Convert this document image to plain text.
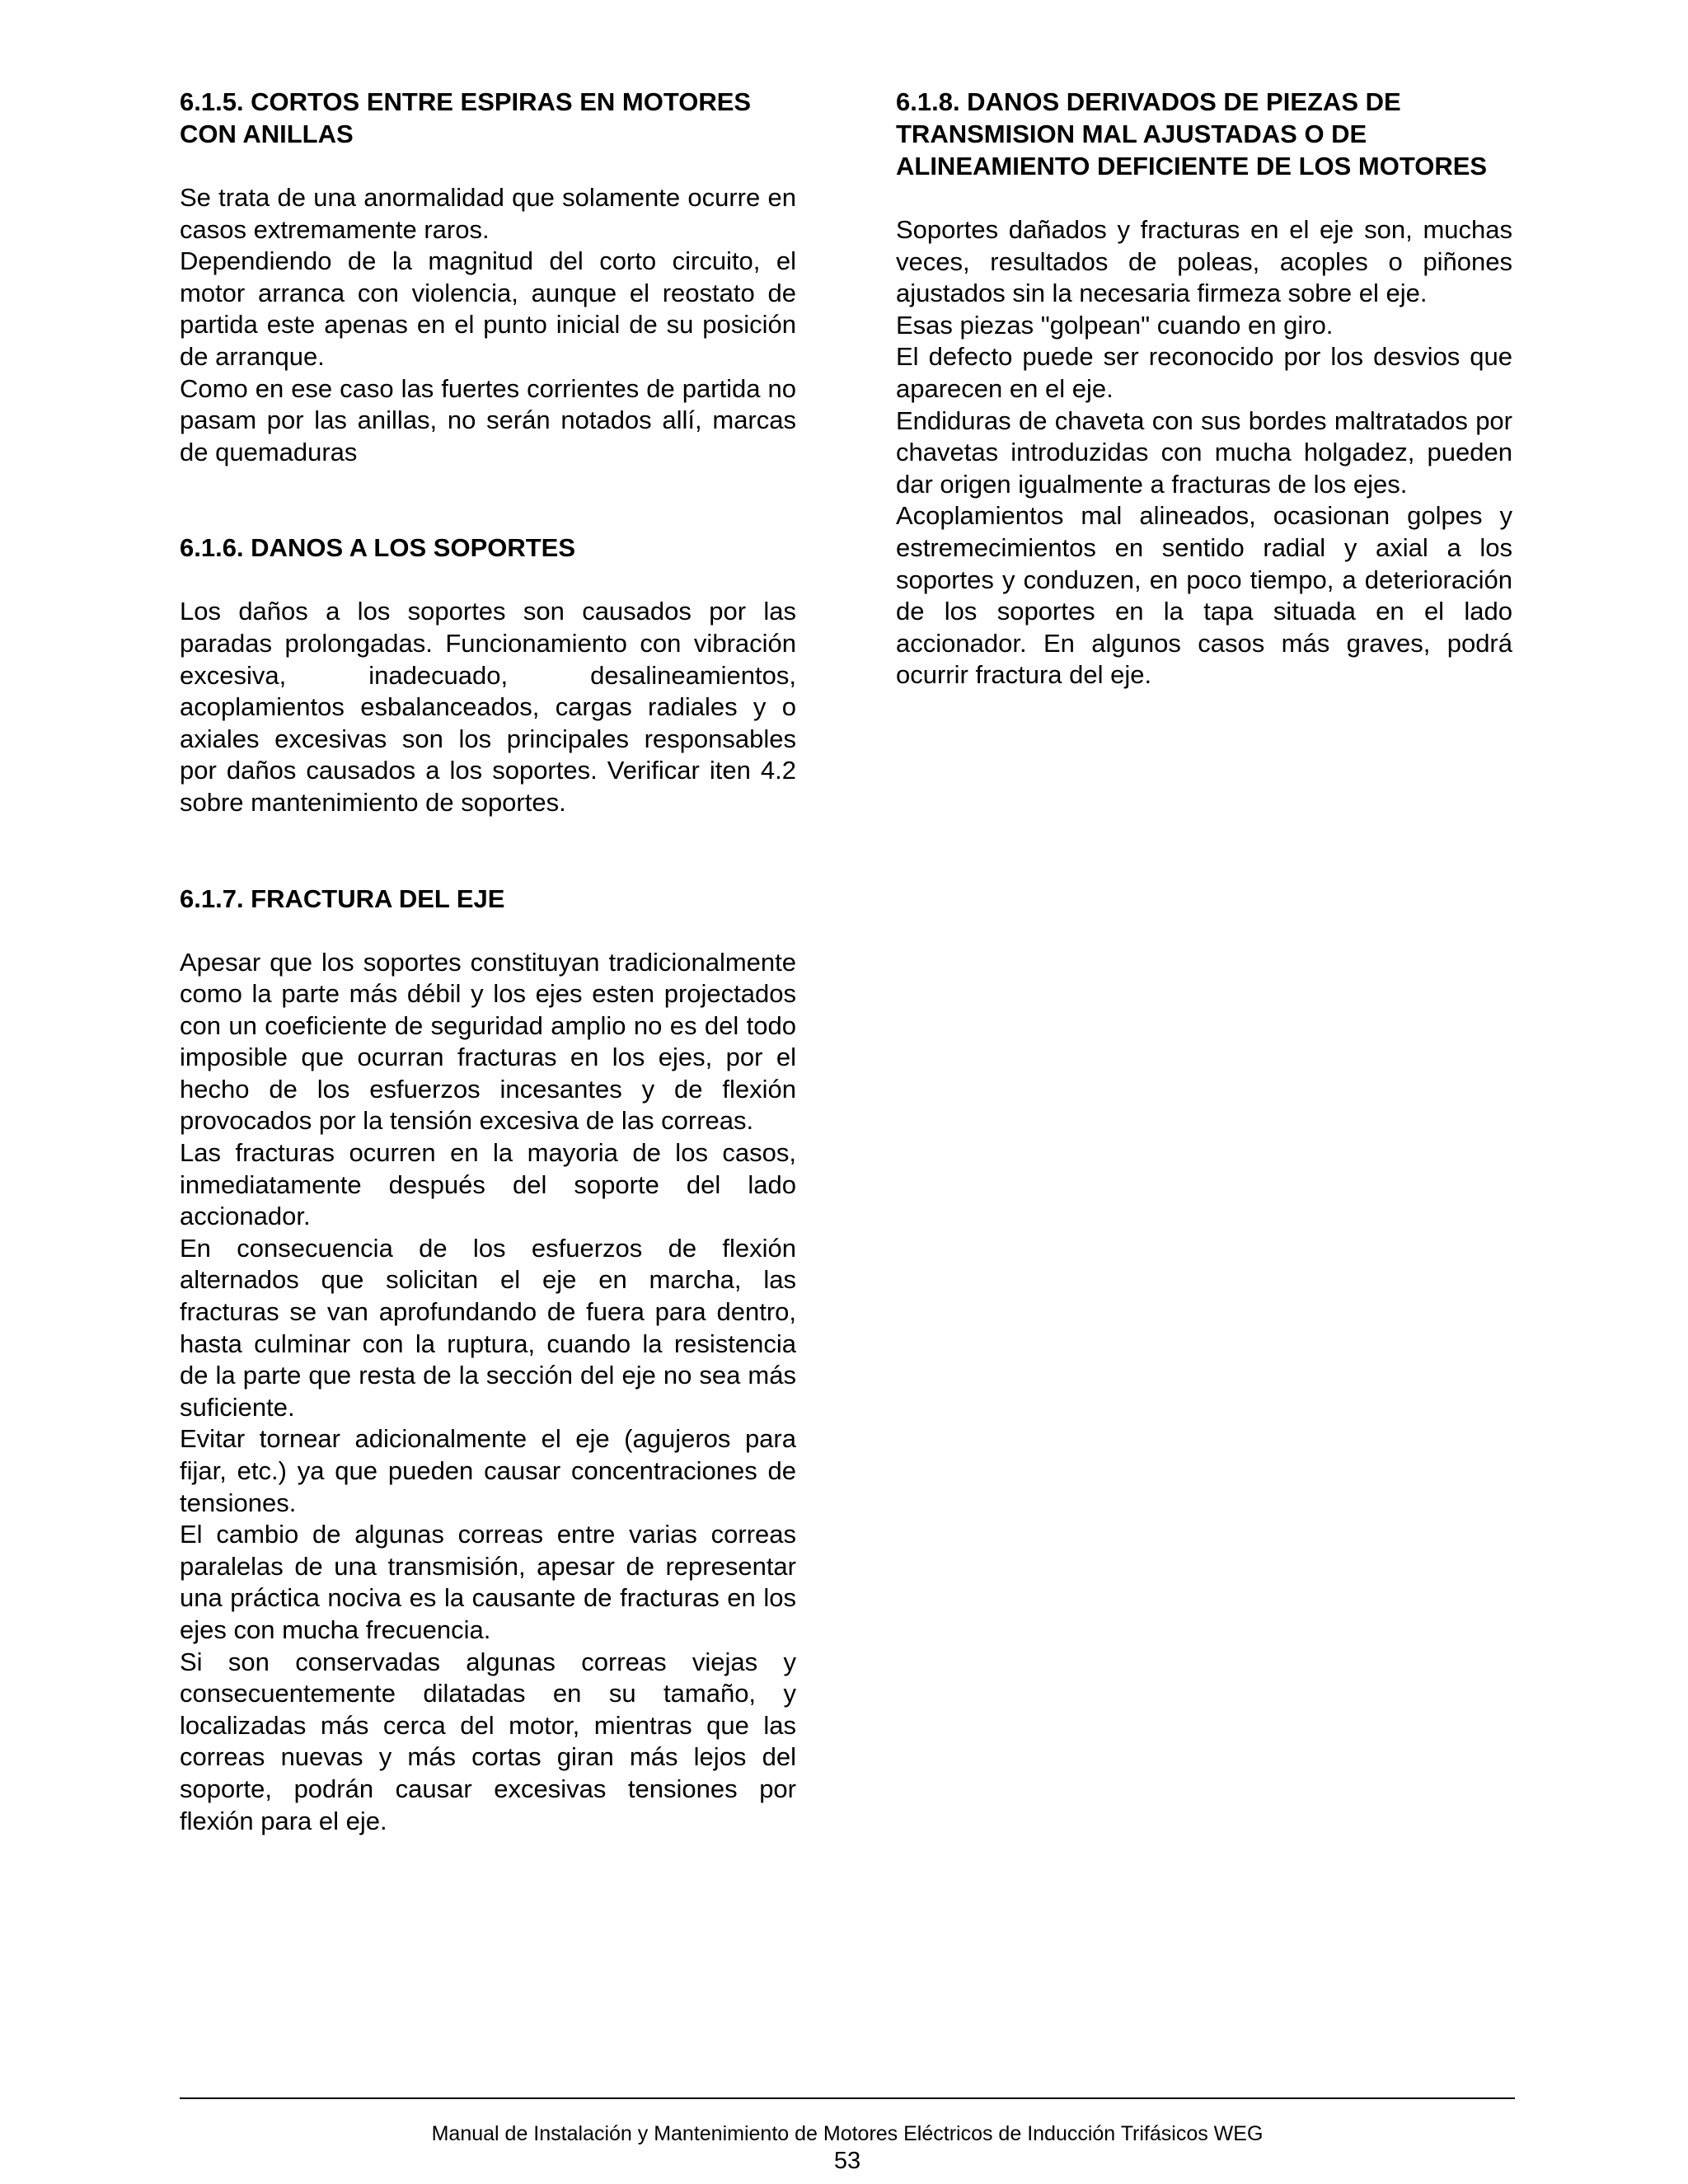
6.1.5. CORTOS ENTRE ESPIRAS EN MOTORES CON ANILLAS

Se trata de una anormalidad que solamente ocurre en casos extremamente raros.

Dependiendo de la magnitud del corto circuito, el motor arranca con violencia, aunque el reostato de partida este apenas en el punto inicial de su posición de arranque.

Como en ese caso las fuertes corrientes de partida no pasam por las anillas, no serán notados allí, marcas de quemaduras

6.1.6. DANOS A LOS SOPORTES

Los daños a los soportes son causados por las paradas prolongadas. Funcionamiento con vibración excesiva, inadecuado, desalineamientos, acoplamientos esbalanceados, cargas radiales y o axiales excesivas son los principales responsables por daños causados a los soportes. Verificar iten 4.2 sobre mantenimiento de soportes.

6.1.7. FRACTURA DEL EJE

Apesar que los soportes constituyan tradicionalmente como la parte más débil y los ejes esten projectados con un coeficiente de seguridad amplio no es del todo imposible que ocurran fracturas en los ejes, por el hecho de los esfuerzos incesantes y de flexión provocados por la tensión excesiva de las correas.

Las fracturas ocurren en la mayoria de los casos, inmediatamente después del soporte del lado accionador.

En consecuencia de los esfuerzos de flexión alternados que solicitan el eje en marcha, las fracturas se van aprofundando de fuera para dentro, hasta culminar con la ruptura, cuando la resistencia de la parte que resta de la sección del eje no sea más suficiente.

Evitar tornear adicionalmente el eje (agujeros para fijar, etc.) ya que pueden causar concentraciones de tensiones.

El cambio de algunas correas entre varias correas paralelas de una transmisión, apesar de representar una práctica nociva es la causante de fracturas en los ejes con mucha frecuencia.

Si son conservadas algunas correas viejas y consecuentemente dilatadas en su tamaño, y localizadas más cerca del motor, mientras que las correas nuevas y más cortas giran más lejos del soporte, podrán causar excesivas tensiones por flexión para el eje.

6.1.8. DANOS DERIVADOS DE PIEZAS DE TRANSMISION MAL AJUSTADAS O DE ALINEAMIENTO DEFICIENTE DE LOS MOTORES

Soportes dañados y fracturas en el eje son, muchas veces, resultados de poleas, acoples o piñones ajustados sin la necesaria firmeza sobre el eje.

Esas piezas "golpean" cuando en giro.

El defecto puede ser reconocido por los desvios que aparecen en el eje.

Endiduras de chaveta con sus bordes maltratados por chavetas introduzidas con mucha holgadez, pueden dar origen igualmente a fracturas de los ejes.

Acoplamientos mal alineados, ocasionan golpes y estremecimientos en sentido radial y axial a los soportes y conduzen, en poco tiempo, a deterioración de los soportes en la tapa situada en el lado accionador. En algunos casos más graves, podrá ocurrir fractura del eje.

Manual de Instalación y Mantenimiento de Motores Eléctricos de Inducción Trifásicos WEG
53
